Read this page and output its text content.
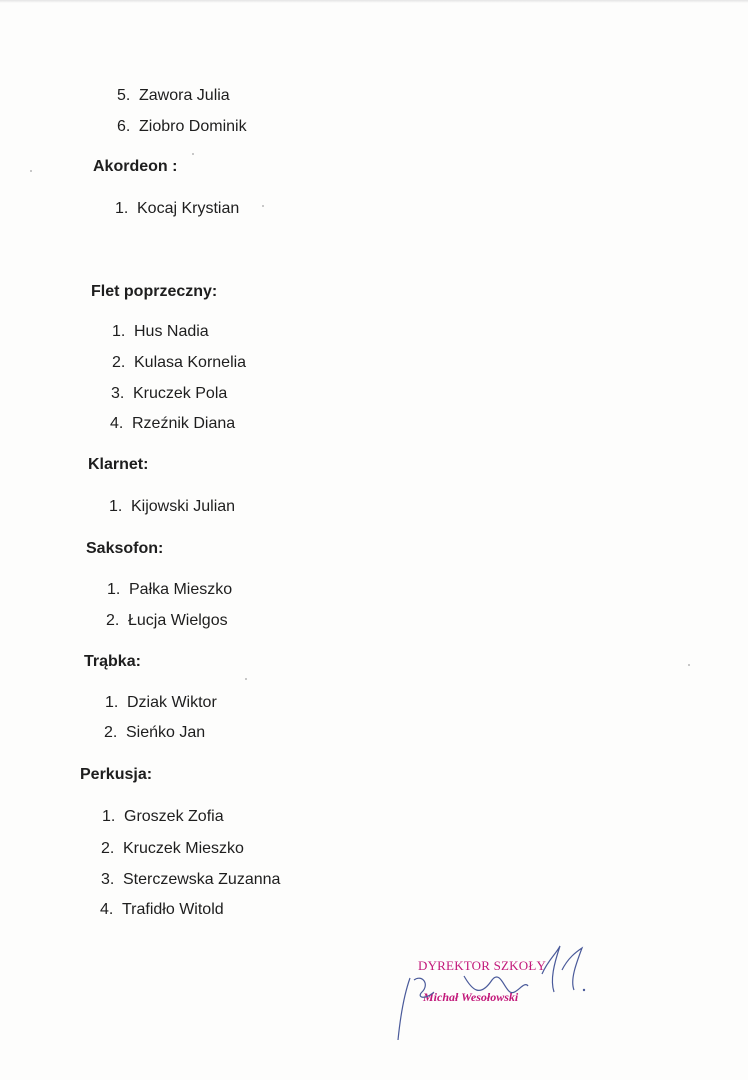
5. Zawora Julia
6. Ziobro Dominik
Akordeon :
1. Kocaj Krystian
Flet poprzeczny:
1. Hus Nadia
2. Kulasa Kornelia
3. Kruczek Pola
4. Rzeźnik Diana
Klarnet:
1. Kijowski Julian
Saksofon:
1. Pałka Mieszko
2. Łucja Wielgos
Trąbka:
1. Dziak Wiktor
2. Sieńko Jan
Perkusja:
1. Groszek Zofia
2. Kruczek Mieszko
3. Sterczewska Zuzanna
4. Trafidło Witold
DYREKTOR SZKOŁY
Michał Wesołowski
